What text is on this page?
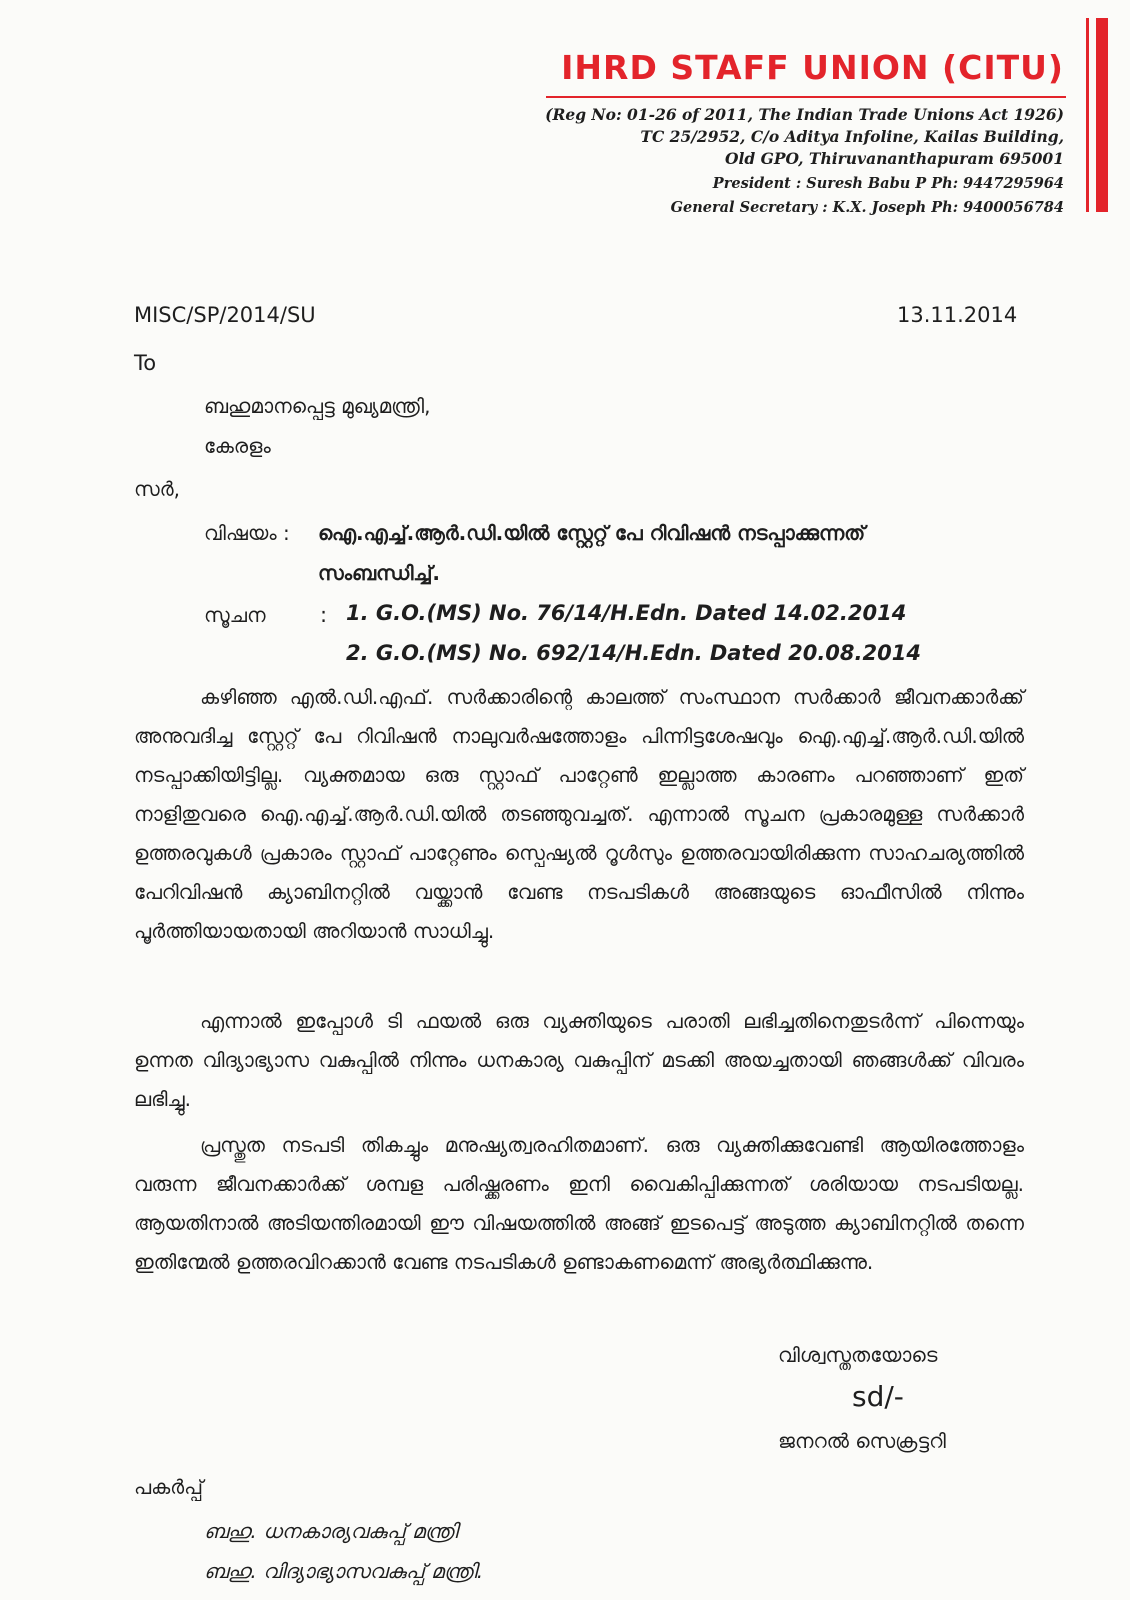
IHRD STAFF UNION (CITU)
(Reg No: 01-26 of 2011, The Indian Trade Unions Act 1926)
TC 25/2952, C/o Aditya Infoline, Kailas Building,
Old GPO, Thiruvananthapuram 695001
President : Suresh Babu P Ph: 9447295964
General Secretary : K.X. Joseph Ph: 9400056784
MISC/SP/2014/SU	13.11.2014
To
ബഹുമാനപ്പെട്ട മുഖ്യമന്ത്രി,
കേരളം
സർ,
വിഷയം : ഐ.എച്ച്.ആർ.ഡി.യിൽ സ്റ്റേറ്റ് പേ റിവിഷൻ നടപ്പാക്കുന്നത്
സംബന്ധിച്ച്.
സൂചന	: 1. G.O.(MS) No. 76/14/H.Edn. Dated 14.02.2014
2. G.O.(MS) No. 692/14/H.Edn. Dated 20.08.2014
കഴിഞ്ഞ എൽ.ഡി.എഫ്. സർക്കാരിന്റെ കാലത്ത് സംസ്ഥാന സർക്കാർ ജീവനക്കാർക്ക് അനുവദിച്ച സ്റ്റേറ്റ് പേ റിവിഷൻ നാലുവർഷത്തോളം പിന്നിട്ടശേഷവും ഐ.എച്ച്.ആർ.ഡി.യിൽ നടപ്പാക്കിയിട്ടില്ല. വ്യക്തമായ ഒരു സ്റ്റാഫ് പാറ്റേൺ ഇല്ലാത്ത കാരണം പറഞ്ഞാണ് ഇത് നാളിതുവരെ ഐ.എച്ച്.ആർ.ഡി.യിൽ തടഞ്ഞുവച്ചത്. എന്നാൽ സൂചന പ്രകാരമുള്ള സർക്കാർ ഉത്തരവുകൾ പ്രകാരം സ്റ്റാഫ് പാറ്റേണും സ്പെഷ്യൽ റൂൾസും ഉത്തരവായിരിക്കുന്ന സാഹചര്യത്തിൽ പേറിവിഷൻ ക്യാബിനറ്റിൽ വയ്ക്കാൻ വേണ്ട നടപടികൾ അങ്ങയുടെ ഓഫീസിൽ നിന്നും പൂർത്തിയായതായി അറിയാൻ സാധിച്ചു.
എന്നാൽ ഇപ്പോൾ ടി ഫയൽ ഒരു വ്യക്തിയുടെ പരാതി ലഭിച്ചതിനെതുടർന്ന് പിന്നെയും ഉന്നത വിദ്യാഭ്യാസ വകുപ്പിൽ നിന്നും ധനകാര്യ വകുപ്പിന് മടക്കി അയച്ചതായി ഞങ്ങൾക്ക് വിവരം ലഭിച്ചു.
പ്രസ്തുത നടപടി തികച്ചും മനുഷ്യത്വരഹിതമാണ്. ഒരു വ്യക്തിക്കുവേണ്ടി ആയിരത്തോളം വരുന്ന ജീവനക്കാർക്ക് ശമ്പള പരിഷ്ക്കരണം ഇനി വൈകിപ്പിക്കുന്നത് ശരിയായ നടപടിയല്ല. ആയതിനാൽ അടിയന്തിരമായി ഈ വിഷയത്തിൽ അങ്ങ് ഇടപെട്ട് അടുത്ത ക്യാബിനറ്റിൽ തന്നെ ഇതിന്മേൽ ഉത്തരവിറക്കാൻ വേണ്ട നടപടികൾ ഉണ്ടാകണമെന്ന് അഭ്യർത്ഥിക്കുന്നു.
വിശ്വസ്തതയോടെ
sd/-
ജനറൽ സെക്രട്ടറി
പകർപ്പ്
ബഹു. ധനകാര്യവകുപ്പ് മന്ത്രി
ബഹു. വിദ്യാഭ്യാസവകുപ്പ് മന്ത്രി.
